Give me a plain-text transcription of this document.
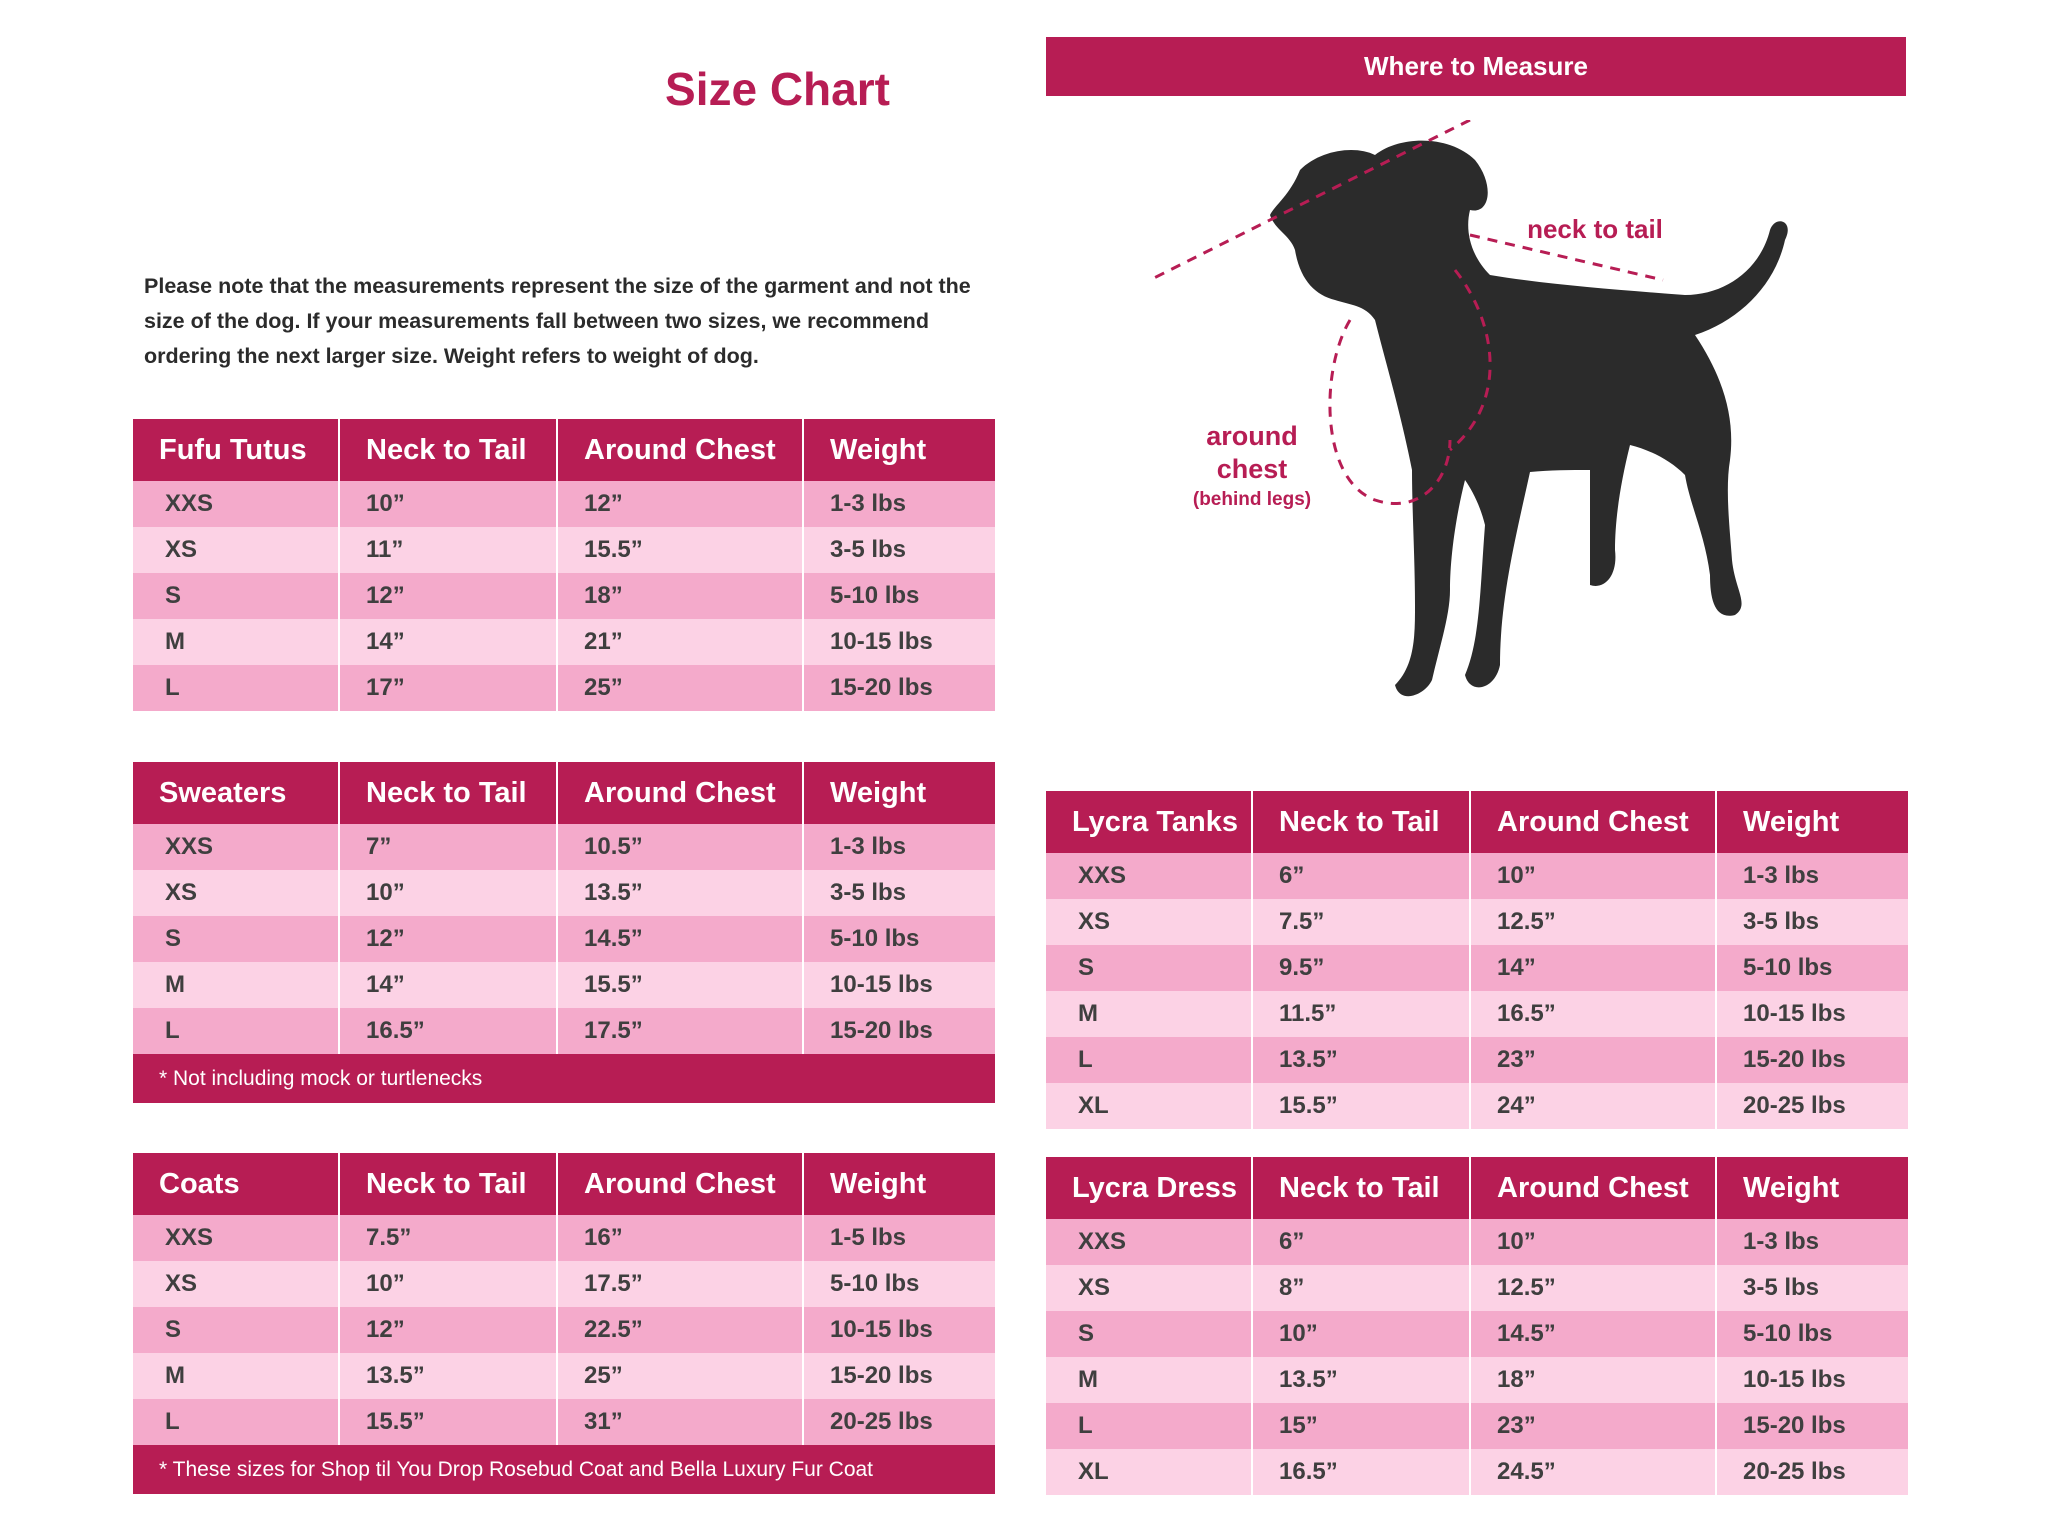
Size Chart
Please note that the measurements represent the size of the garment and not the size of the dog. If your measurements fall between two sizes, we recommend ordering the next larger size. Weight refers to weight of dog.
Where to Measure
neck to tail
around chest
(behind legs)
Fufu Tutus	Neck to Tail	Around Chest	Weight
XXS	10”	12”	1-3 lbs
XS	11”	15.5”	3-5 lbs
S	12”	18”	5-10 lbs
M	14”	21”	10-15 lbs
L	17”	25”	15-20 lbs
Sweaters	Neck to Tail	Around Chest	Weight
XXS	7”	10.5”	1-3 lbs
XS	10”	13.5”	3-5 lbs
S	12”	14.5”	5-10 lbs
M	14”	15.5”	10-15 lbs
L	16.5”	17.5”	15-20 lbs
* Not including mock or turtlenecks
Coats	Neck to Tail	Around Chest	Weight
XXS	7.5”	16”	1-5 lbs
XS	10”	17.5”	5-10 lbs
S	12”	22.5”	10-15 lbs
M	13.5”	25”	15-20 lbs
L	15.5”	31”	20-25 lbs
* These sizes for Shop til You Drop Rosebud Coat and Bella Luxury Fur Coat
Lycra Tanks	Neck to Tail	Around Chest	Weight
XXS	6”	10”	1-3 lbs
XS	7.5”	12.5”	3-5 lbs
S	9.5”	14”	5-10 lbs
M	11.5”	16.5”	10-15 lbs
L	13.5”	23”	15-20 lbs
XL	15.5”	24”	20-25 lbs
Lycra Dress	Neck to Tail	Around Chest	Weight
XXS	6”	10”	1-3 lbs
XS	8”	12.5”	3-5 lbs
S	10”	14.5”	5-10 lbs
M	13.5”	18”	10-15 lbs
L	15”	23”	15-20 lbs
XL	16.5”	24.5”	20-25 lbs
